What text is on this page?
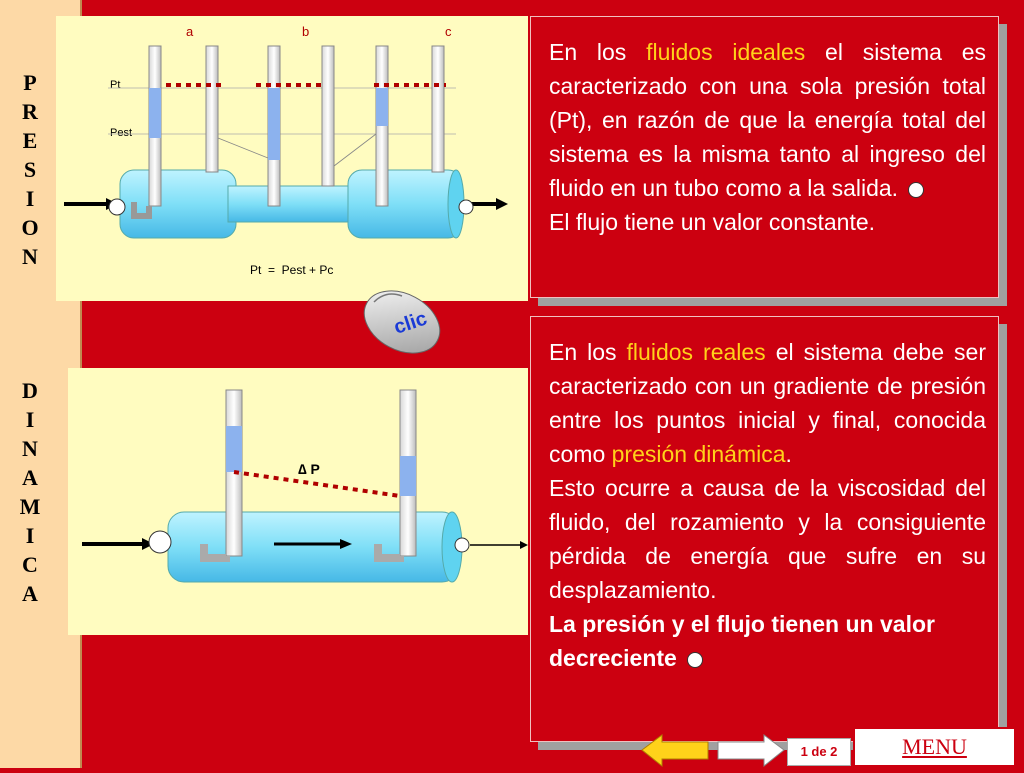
P
R
E
S
I
O
N
D
I
N
A
M
I
C
A
a	b	c
Pt
Pest
Pt  =  Pest + Pc
clic
∆ P

En los fluidos ideales el sistema es caracterizado con una sola presión total (Pt), en razón de que la energía total del sistema es la misma tanto al ingreso del fluido en un tubo como a la salida.

El flujo tiene un valor constante.

En los fluidos reales el sistema debe ser caracterizado con un gradiente de presión entre los puntos inicial y final, conocida como presión dinámica.

Esto ocurre a causa de la viscosidad del fluido, del rozamiento y la consiguiente pérdida de energía que sufre en su desplazamiento.

La presión y el flujo tienen un valor decreciente

1 de 2	MENU
